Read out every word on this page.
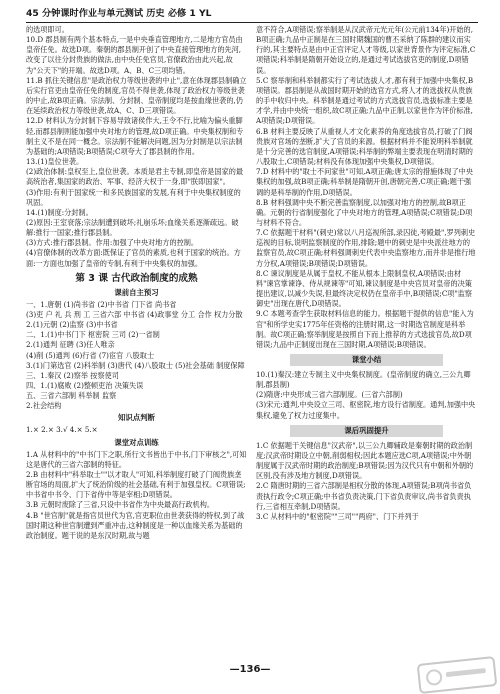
45 分钟课时作业与单元测试 历史 必修 1 YL

的选项即可。

10.D 郡县制有两个基本特点,一是中央垂直管理地方,二是地方官员由皇帝任免。故选D项。秦朝的郡县制开创了中央直接管理地方的先河,改变了以往分封贵族的做法,由中央任免官员,官僚政治由此兴起,故为"公天下"的开端。故选D项。A、B、C三项均错。

11.B 抓住关键信息"是政治权力等级世袭的中止",意在体现郡县制确立后实行官吏由皇帝任免的制度,官员不得世袭,体现了政治权力等级世袭的中止,故B项正确。宗法制、分封制、皇帝制度均是按血缘世袭的,仍在延续政治权力等级世袭,故A、C、D三项错误。

12.D 材料认为分封制下容易导致诸侯作大,王令不行,比喻为偏头重脚轻,而郡县制则能加强中央对地方的管理,故D项正确。中央集权制和专制主义不是在同一概念。宗法制不能解决问题,因为分封制是以宗法制为基础的;A项错误;B项错误;C项夸大了郡县制的作用。

13.(1)皇位世袭。

(2)政治体制:皇权至上,皇位世袭。本质是君主专制,即皇帝是国家的最高统治者,集国家的政治、军事、经济大权于一身,即"朕即国家"。

(3)作用:有利于国家统一和多民族国家的发展,有利于中央集权制度的巩固。

14.(1)制度:分封制。

(2)原因:王室衰落;宗法制遭到破坏;礼崩乐坏;血缘关系逐渐疏远。破解:推行一国家;推行郡县制。

(3)方式:推行郡县制。作用:加强了中央对地方的控制。

(4)官僚体制的改革方面:既保证了官员的素质,也利于国家的统治。方面:一方面也加强了皇帝的专制,有利于中央集权的加强。

第 3 课 古代政治制度的成熟
课前自主预习

一、1.唐朝 (1)尚书省 (2)中书省 门下省 尚书省

(3)吏 户 礼 兵 刑 工 三省六部 中书省 (4)政事堂 分工 合作 权力分散

2.(1)元朝 (2)监察 (3)中书省

二、1.(1)中书门下 枢密院 三司 (2)一省制

2.(1)通判 征聘 (3)任人唯亲

(4)削 (5)通判 (6)行省 (7)宦官 八股取士

3.(1)门第选官 (2)科举制 (3)唐代 (4)八股取士 (5)社会基础 制度保障

三、1.秦汉 (2)察举 按察使司

四、1.(1)腐败 (2)整顿吏治 决策失误

五、三省六部制 科举制 监察

2.社会结构

知识点判断

1.× 2.× 3.√ 4.× 5.×

课堂对点训练

1.A 从材料中的"中书门下之职,所行文书皆出于中书,门下审核之",可知这是唐代的三省六部制的特征。

2.B 由材料中"科举取士""以才取人"可知,科举制度打破了门阀贵族垄断官场的局面,扩大了统治阶级的社会基础,有利于加强皇权。C项错误;中书省中书令、门下省侍中等是宰相;D项错误。

3.B 元朝时废除了三省,只设中书省作为中央最高行政机构。

4.B "世官制"就是指官员世代为官,官吏职位由世袭获得的特权,到了战国时期这种世官制遭到严重冲击,这种制度是一种以血缘关系为基础的政治制度。题干说的是东汉时期,故与题

意不符合,A项错误;察举制是从汉武帝元光元年(公元前134年)开始的,B项正确;九品中正制是在三国时期魏国的曹丕采纳了陈群的建议而实行的,其主要特点是由中正官评定人才等级,以家世背景作为评定标准,C项错误;科举制是隋朝开始设立的,是通过考试选拔官吏的制度,D项错误。

5.C 察举制和科举制都实行了考试选拔人才,都有利于加强中央集权,B项错误。郡县制是从战国时期开始的选官方式,将人才的选拔权从贵族的手中收归中央。科举制是通过考试的方式选拔官员,选拔标准主要是才学,并由中央统一组织,故C项正确;九品中正制,以家世作为评价标准,A项错误;D项错误。

6.B 材料主要反映了从重视人才文化素养的角度选拔官员,打破了门阀贵族对官场的垄断,扩大了官员的来源。根据材料并不能说明科举制就是十分完善的选官制度,A项错误;科举制的弊端主要表现在明清时期的八股取士,C项错误;材料没有体现加强中央集权,D项错误。

7.D 材料中的"取士不问家世"可知,A项正确;唐太宗的措施体现了中央集权的加强,故B项正确;科举制是隋朝开创,唐朝完善,C项正确;题干强调的是科举制的作用,D项错误。

8.B 材料强调中央不断完善监察制度,以加强对地方的控制,故B项正确。元朝的行省制度强化了中央对地方的管理,A项错误;C项错误;D项与材料不符合。

7.C 依据题干材料"(刺史)常以八月巡视所部,录囚徒,考殿最",罗列刺史巡视的目标,说明监察制度的作用,排除;题中的刺史是中央派往地方的监察官员,故C项正确;材料强调刺史代表中央监察地方,而并非是推行地方分权,A项错误;B项错误;D项错误。

8.C 谏议制度是从属于皇权,不能从根本上限制皇权,A项错误;由材料"谏官掌谏诤、侍从规谏等"可知,谏议制度是中央官员对皇帝的决策提出建议,以减少失误,但最终决定权仍在皇帝手中,B项错误;C项"监察御史"出现在唐代,D项错误。

9.C 本题考查学生获取材料信息的能力。根据题干提供的信息"能入为官"和所学史实1775年任资格的注册时期,这一时期选官制度是科举制。故C项正确;察举制度是按照自下而上推荐的方式选拔官员,故D项错误;九品中正制度出现在三国时期,A项错误;B项错误。

课堂小结

10.(1)秦汉:建立专制主义中央集权制度。(皇帝制度的确立,三公九卿制,郡县制)

(2)隋唐:中央形成三省六部制度。(三省六部制)

(3)宋元:通判,中央设立三司、枢密院,地方设行省制度。通判,加强中央集权,避免了权力过度集中。

课后巩固提升

1.C 依据题干关键信息"汉武帝",以三公九卿辅政是秦朝时期的政治制度;汉武帝时期设立中朝,削弱相权;因此本题应选C项,A项错误;中外朝制度属于汉武帝时期的政治制度;B项错误;因为汉代只有中朝和外朝的区别,没有涉及地方制度,D项错误。

2.C 隋唐时期的三省六部制是相权分散的体现,A项错误;B项尚书省负责执行政令;C项正确;中书省负责决策,门下省负责审议,尚书省负责执行,三省相互牵制,D项错误。

3.C 从材料中的"枢密院""三司""两府"、门下并列于

—136—
